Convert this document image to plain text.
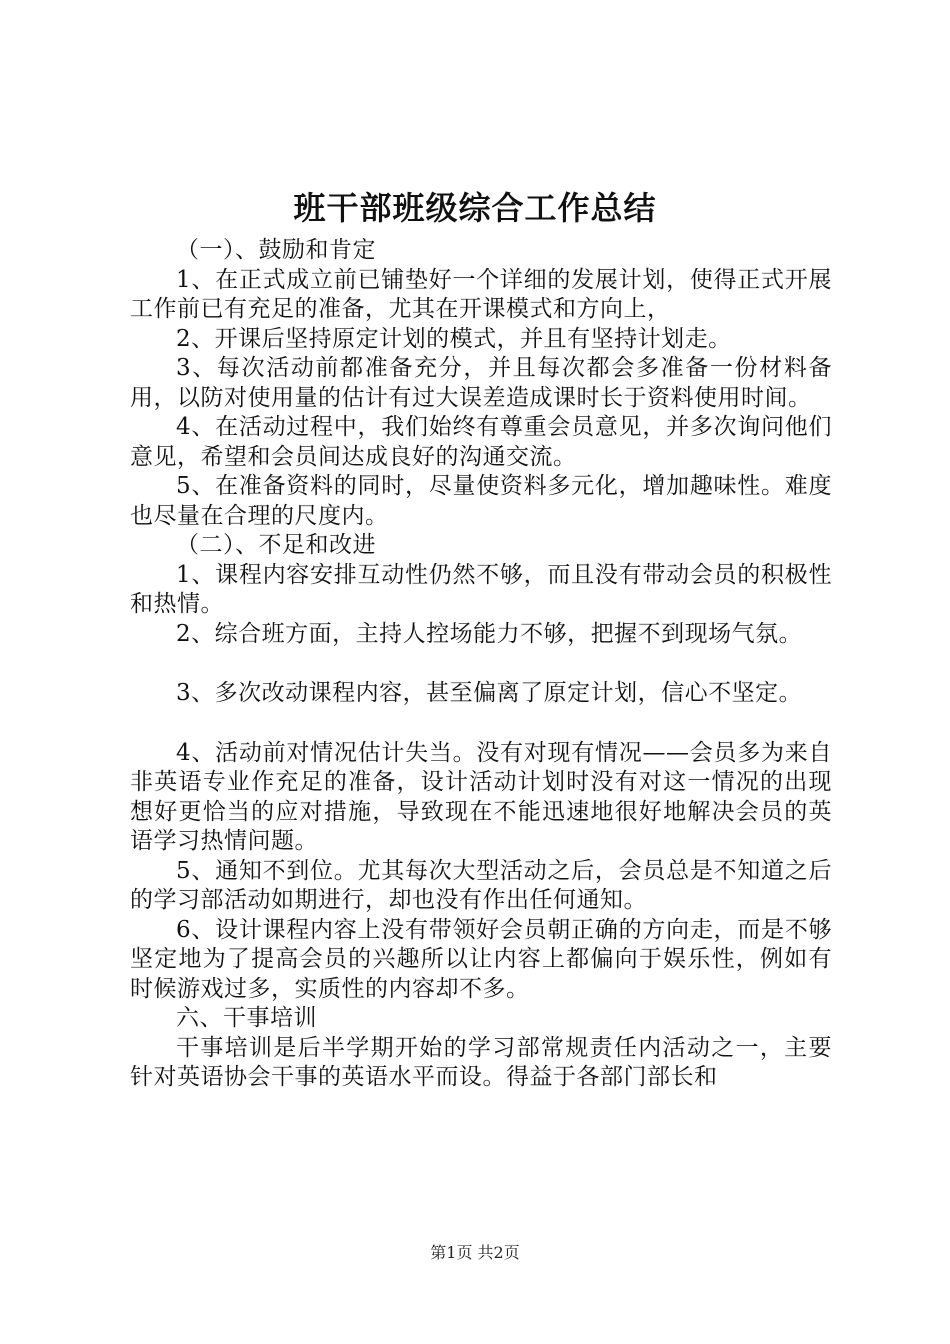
班干部班级综合工作总结

（一）、鼓励和肯定

1、在正式成立前已铺垫好一个详细的发展计划，使得正式开展工作前已有充足的准备，尤其在开课模式和方向上，

2、开课后坚持原定计划的模式，并且有坚持计划走。

3、每次活动前都准备充分，并且每次都会多准备一份材料备用，以防对使用量的估计有过大误差造成课时长于资料使用时间。

4、在活动过程中，我们始终有尊重会员意见，并多次询问他们意见，希望和会员间达成良好的沟通交流。

5、在准备资料的同时，尽量使资料多元化，增加趣味性。难度也尽量在合理的尺度内。

（二）、不足和改进

1、课程内容安排互动性仍然不够，而且没有带动会员的积极性和热情。

2、综合班方面，主持人控场能力不够，把握不到现场气氛。

3、多次改动课程内容，甚至偏离了原定计划，信心不坚定。

4、活动前对情况估计失当。没有对现有情况——会员多为来自非英语专业作充足的准备，设计活动计划时没有对这一情况的出现想好更恰当的应对措施，导致现在不能迅速地很好地解决会员的英语学习热情问题。

5、通知不到位。尤其每次大型活动之后，会员总是不知道之后的学习部活动如期进行，却也没有作出任何通知。

6、设计课程内容上没有带领好会员朝正确的方向走，而是不够坚定地为了提高会员的兴趣所以让内容上都偏向于娱乐性，例如有时候游戏过多，实质性的内容却不多。

六、干事培训

干事培训是后半学期开始的学习部常规责任内活动之一，主要针对英语协会干事的英语水平而设。得益于各部门部长和

第1页 共2页
